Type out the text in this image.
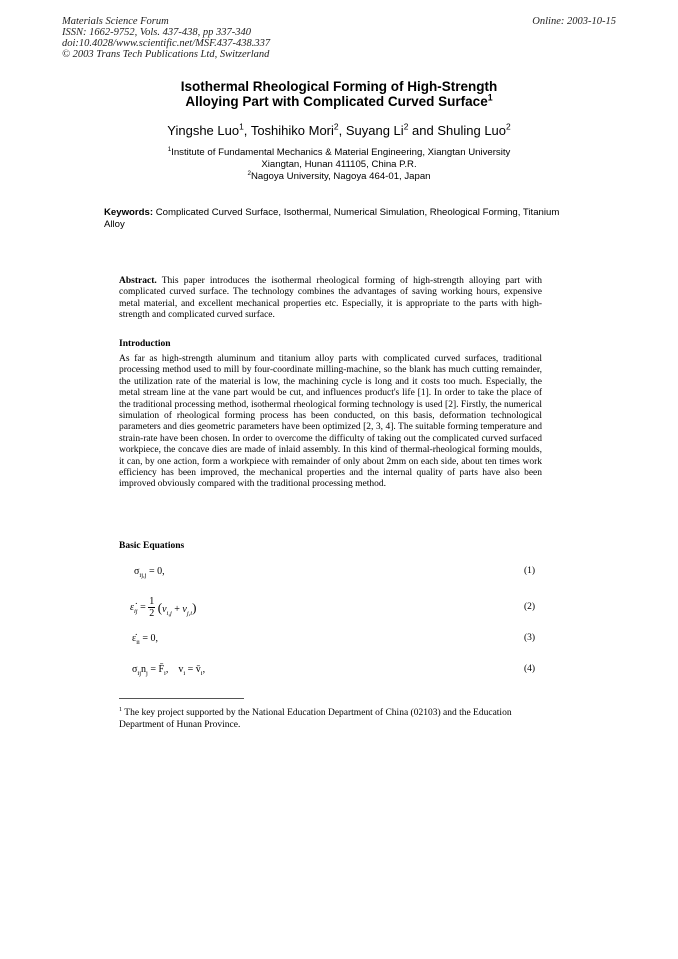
Materials Science Forum
ISSN: 1662-9752, Vols. 437-438, pp 337-340
doi:10.4028/www.scientific.net/MSF.437-438.337
© 2003 Trans Tech Publications Ltd, Switzerland
Online: 2003-10-15
Isothermal Rheological Forming of High-Strength
Alloying Part with Complicated Curved Surface$^1$
Yingshe Luo$^1$, Toshihiko Mori$^2$, Suyang Li$^2$ and Shuling Luo$^2$
$^1$Institute of Fundamental Mechanics & Material Engineering, Xiangtan University
Xiangtan, Hunan 411105, China P.R.
$^2$Nagoya University, Nagoya 464-01, Japan
Keywords: Complicated Curved Surface, Isothermal, Numerical Simulation, Rheological Forming, Titanium Alloy
Abstract. This paper introduces the isothermal rheological forming of high-strength alloying part with complicated curved surface. The technology combines the advantages of saving working hours, expensive metal material, and excellent mechanical properties etc. Especially, it is appropriate to the parts with high-strength and complicated curved surface.
Introduction
As far as high-strength aluminum and titanium alloy parts with complicated curved surfaces, traditional processing method used to mill by four-coordinate milling-machine, so the blank has much cutting remainder, the utilization rate of the material is low, the machining cycle is long and it costs too much. Especially, the metal stream line at the vane part would be cut, and influences product's life [1]. In order to take the place of the traditional processing method, isothermal rheological forming technology is used [2]. Firstly, the numerical simulation of rheological forming process has been conducted, on this basis, deformation technological parameters and dies geometric parameters have been optimized [2, 3, 4]. The suitable forming temperature and strain-rate have been chosen. In order to overcome the difficulty of taking out the complicated curved surfaced workpiece, the concave dies are made of inlaid assembly. In this kind of thermal-rheological forming moulds, it can, by one action, form a workpiece with remainder of only about 2mm on each side, about ten times work efficiency has been improved, the mechanical properties and the internal quality of parts have also been improved obviously compared with the traditional processing method.
Basic Equations
$\sigma_{ij,j} = 0$,	(1)
$\varepsiloṅ_{ij} = \frac{1}{2} (v_{i,j} + v_{j,i})$	(2)
$\varepsiloṅ_{ii} = 0$,	(3)
$\sigma_{ij}n_j$ = $F̄_i$, $v_i$ = $v̄_i$,	(4)
$^1$ The key project supported by the National Education Department of China (02103) and the Education Department of Hunan Province.
